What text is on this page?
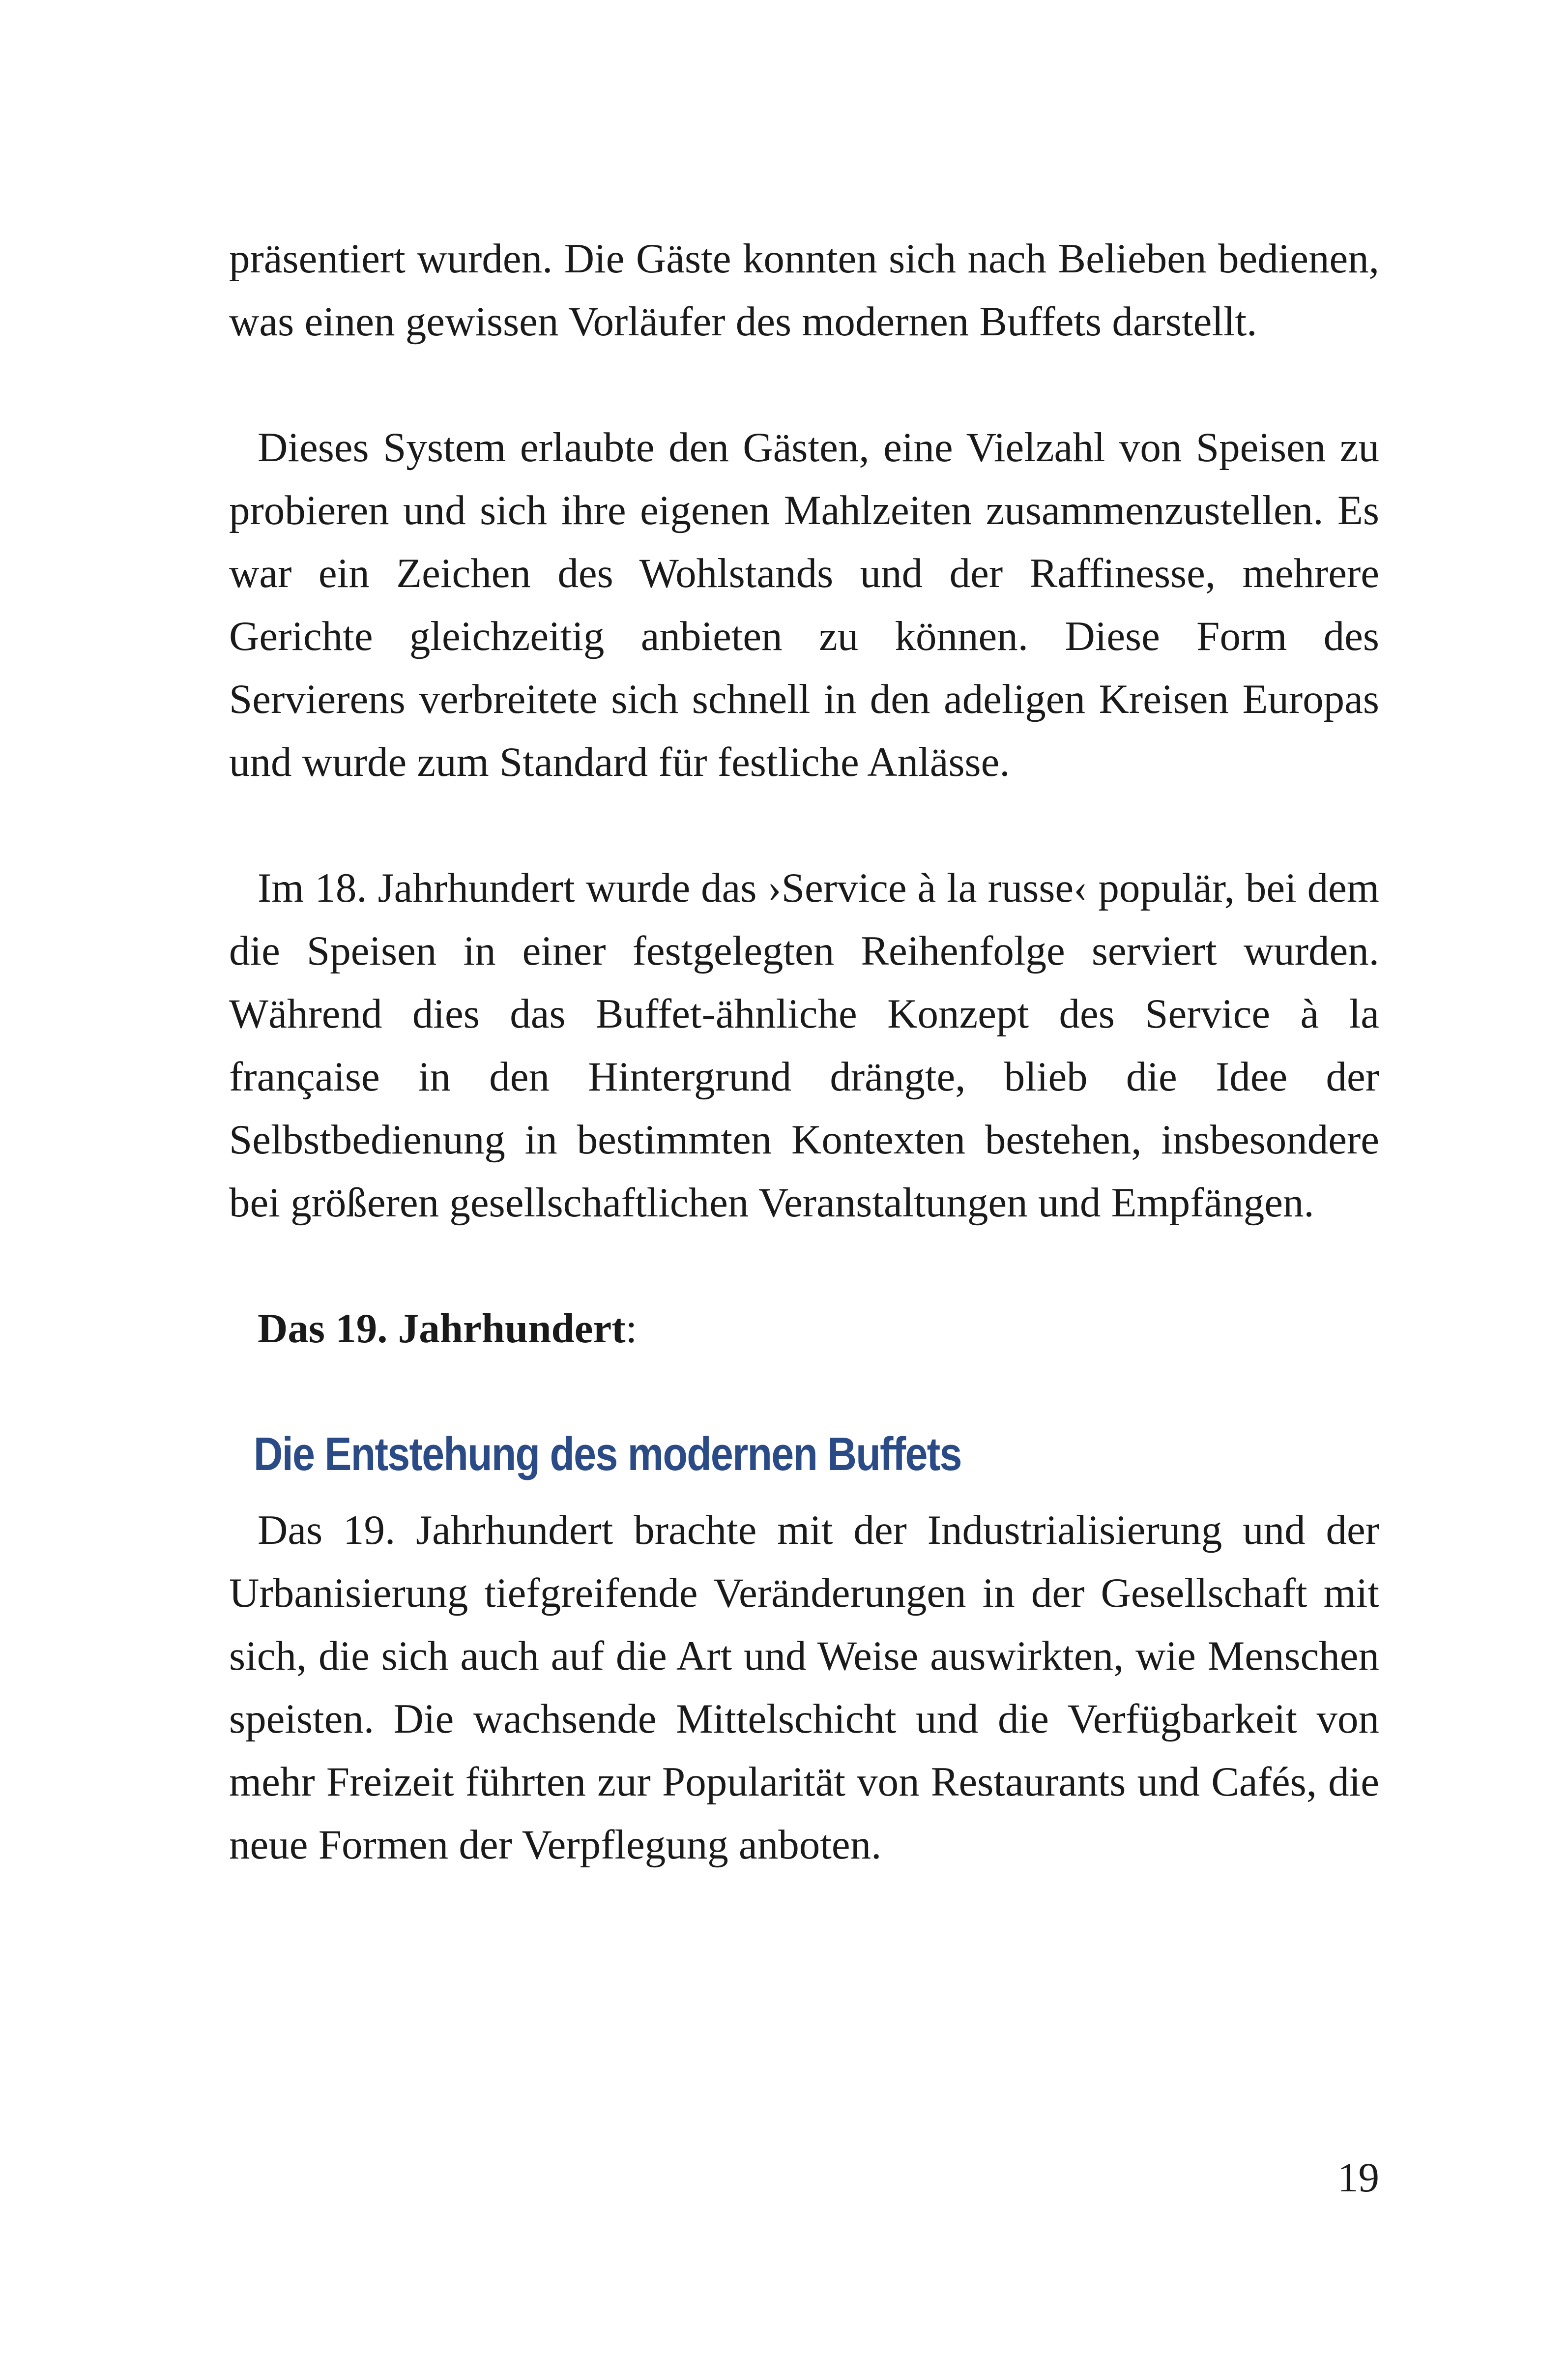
präsentiert wurden. Die Gäste konnten sich nach Belieben bedienen, was einen gewissen Vorläufer des modernen Buffets darstellt.

Dieses System erlaubte den Gästen, eine Vielzahl von Speisen zu probieren und sich ihre eigenen Mahlzeiten zusammenzustellen. Es war ein Zeichen des Wohlstands und der Raffinesse, mehrere Gerichte gleichzeitig anbieten zu können. Diese Form des Servierens verbreitete sich schnell in den adeligen Kreisen Europas und wurde zum Standard für festliche Anlässe.

Im 18. Jahrhundert wurde das ›Service à la russe‹ populär, bei dem die Speisen in einer festgelegten Reihenfolge serviert wurden. Während dies das Buffet-ähnliche Konzept des Service à la française in den Hintergrund drängte, blieb die Idee der Selbstbedienung in bestimmten Kontexten bestehen, insbesondere bei größeren gesellschaftlichen Veranstaltungen und Empfängen.

Das 19. Jahrhundert:

Die Entstehung des modernen Buffets

Das 19. Jahrhundert brachte mit der Industrialisierung und der Urbanisierung tiefgreifende Veränderungen in der Gesellschaft mit sich, die sich auch auf die Art und Weise auswirkten, wie Menschen speisten. Die wachsende Mittelschicht und die Verfügbarkeit von mehr Freizeit führten zur Popularität von Restaurants und Cafés, die neue Formen der Verpflegung anboten.

19
